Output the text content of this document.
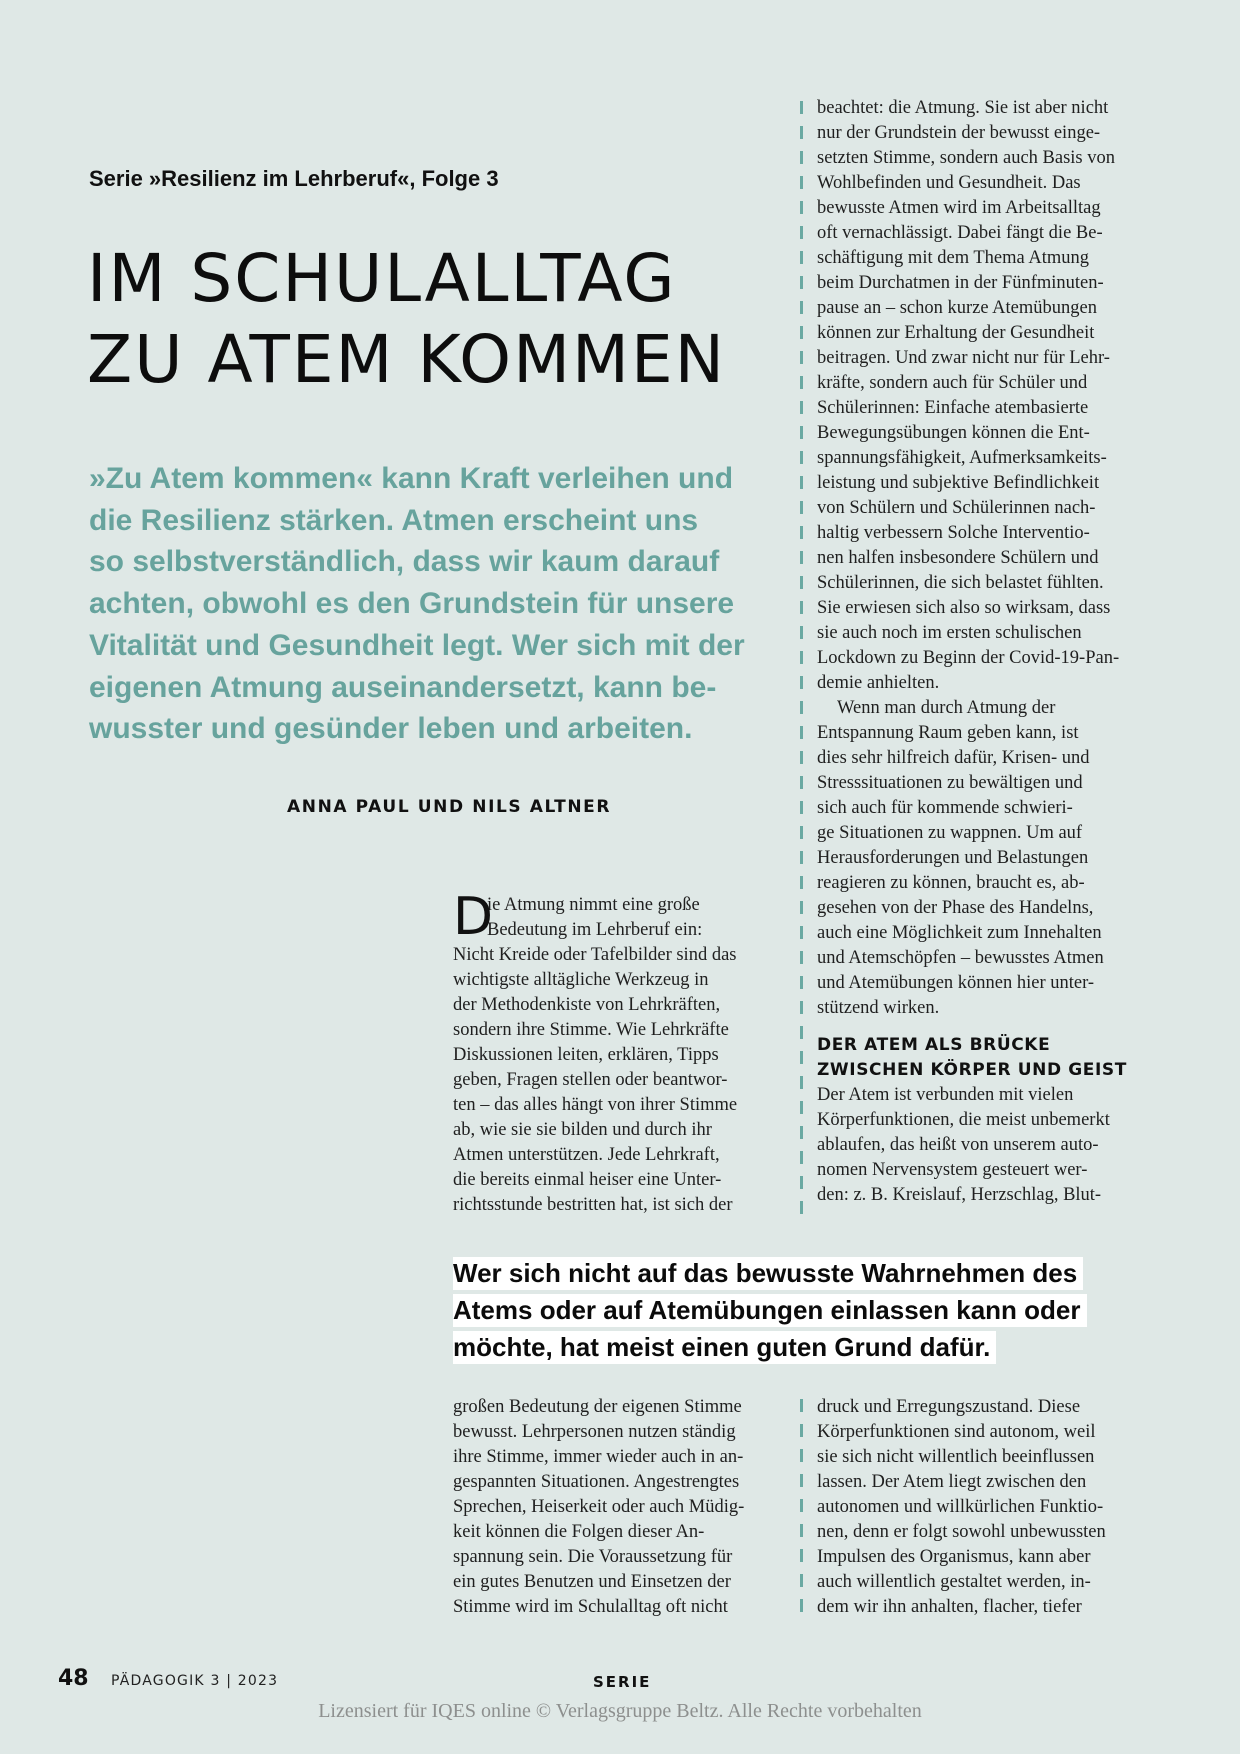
Serie »Resilienz im Lehrberuf«, Folge 3
IM SCHULALLTAG
ZU ATEM KOMMEN

»Zu Atem kommen« kann Kraft verleihen und
die Resilienz stärken. Atmen erscheint uns
so selbstverständlich, dass wir kaum darauf
achten, obwohl es den Grundstein für unsere
Vitalität und Gesundheit legt. Wer sich mit der
eigenen Atmung auseinandersetzt, kann be-
wusster und gesünder leben und arbeiten.

ANNA PAUL UND NILS ALTNER
D
ie Atmung nimmt eine große
Bedeutung im Lehrberuf ein:
Nicht Kreide oder Tafelbilder sind das
wichtigste alltägliche Werkzeug in
der Methodenkiste von Lehrkräften,
sondern ihre Stimme. Wie Lehrkräfte
Diskussionen leiten, erklären, Tipps
geben, Fragen stellen oder beantwor-
ten – das alles hängt von ihrer Stimme
ab, wie sie sie bilden und durch ihr
Atmen unterstützen. Jede Lehrkraft,
die bereits einmal heiser eine Unter-
richtsstunde bestritten hat, ist sich der
beachtet: die Atmung. Sie ist aber nicht
nur der Grundstein der bewusst einge-
setzten Stimme, sondern auch Basis von
Wohlbefinden und Gesundheit. Das
bewusste Atmen wird im Arbeitsalltag
oft vernachlässigt. Dabei fängt die Be-
schäftigung mit dem Thema Atmung
beim Durchatmen in der Fünfminuten-
pause an – schon kurze Atemübungen
können zur Erhaltung der Gesundheit
beitragen. Und zwar nicht nur für Lehr-
kräfte, sondern auch für Schüler und
Schülerinnen: Einfache atembasierte
Bewegungsübungen können die Ent-
spannungsfähigkeit, Aufmerksamkeits-
leistung und subjektive Befindlichkeit
von Schülern und Schülerinnen nach-
haltig verbessern Solche Interventio-
nen halfen insbesondere Schülern und
Schülerinnen, die sich belastet fühlten.
Sie erwiesen sich also so wirksam, dass
sie auch noch im ersten schulischen
Lockdown zu Beginn der Covid-19-Pan-
demie anhielten.
Wenn man durch Atmung der
Entspannung Raum geben kann, ist
dies sehr hilfreich dafür, Krisen- und
Stresssituationen zu bewältigen und
sich auch für kommende schwieri-
ge Situationen zu wappnen. Um auf
Herausforderungen und Belastungen
reagieren zu können, braucht es, ab-
gesehen von der Phase des Handelns,
auch eine Möglichkeit zum Innehalten
und Atemschöpfen – bewusstes Atmen
und Atemübungen können hier unter-
stützend wirken.
DER ATEM ALS BRÜCKE
ZWISCHEN KÖRPER UND GEIST
Der Atem ist verbunden mit vielen
Körperfunktionen, die meist unbemerkt
ablaufen, das heißt von unserem auto-
nomen Nervensystem gesteuert wer-
den: z. B. Kreislauf, Herzschlag, Blut-
Wer sich nicht auf das bewusste Wahrnehmen des
Atems oder auf Atemübungen einlassen kann oder
möchte, hat meist einen guten Grund dafür.
großen Bedeutung der eigenen Stimme
bewusst. Lehrpersonen nutzen ständig
ihre Stimme, immer wieder auch in an-
gespannten Situationen. Angestrengtes
Sprechen, Heiserkeit oder auch Müdig-
keit können die Folgen dieser An-
spannung sein. Die Voraussetzung für
ein gutes Benutzen und Einsetzen der
Stimme wird im Schulalltag oft nicht
druck und Erregungszustand. Diese
Körperfunktionen sind autonom, weil
sie sich nicht willentlich beeinflussen
lassen. Der Atem liegt zwischen den
autonomen und willkürlichen Funktio-
nen, denn er folgt sowohl unbewussten
Impulsen des Organismus, kann aber
auch willentlich gestaltet werden, in-
dem wir ihn anhalten, flacher, tiefer
48 PÄDAGOGIK 3 | 2023	SERIE
Lizensiert für IQES online © Verlagsgruppe Beltz. Alle Rechte vorbehalten
